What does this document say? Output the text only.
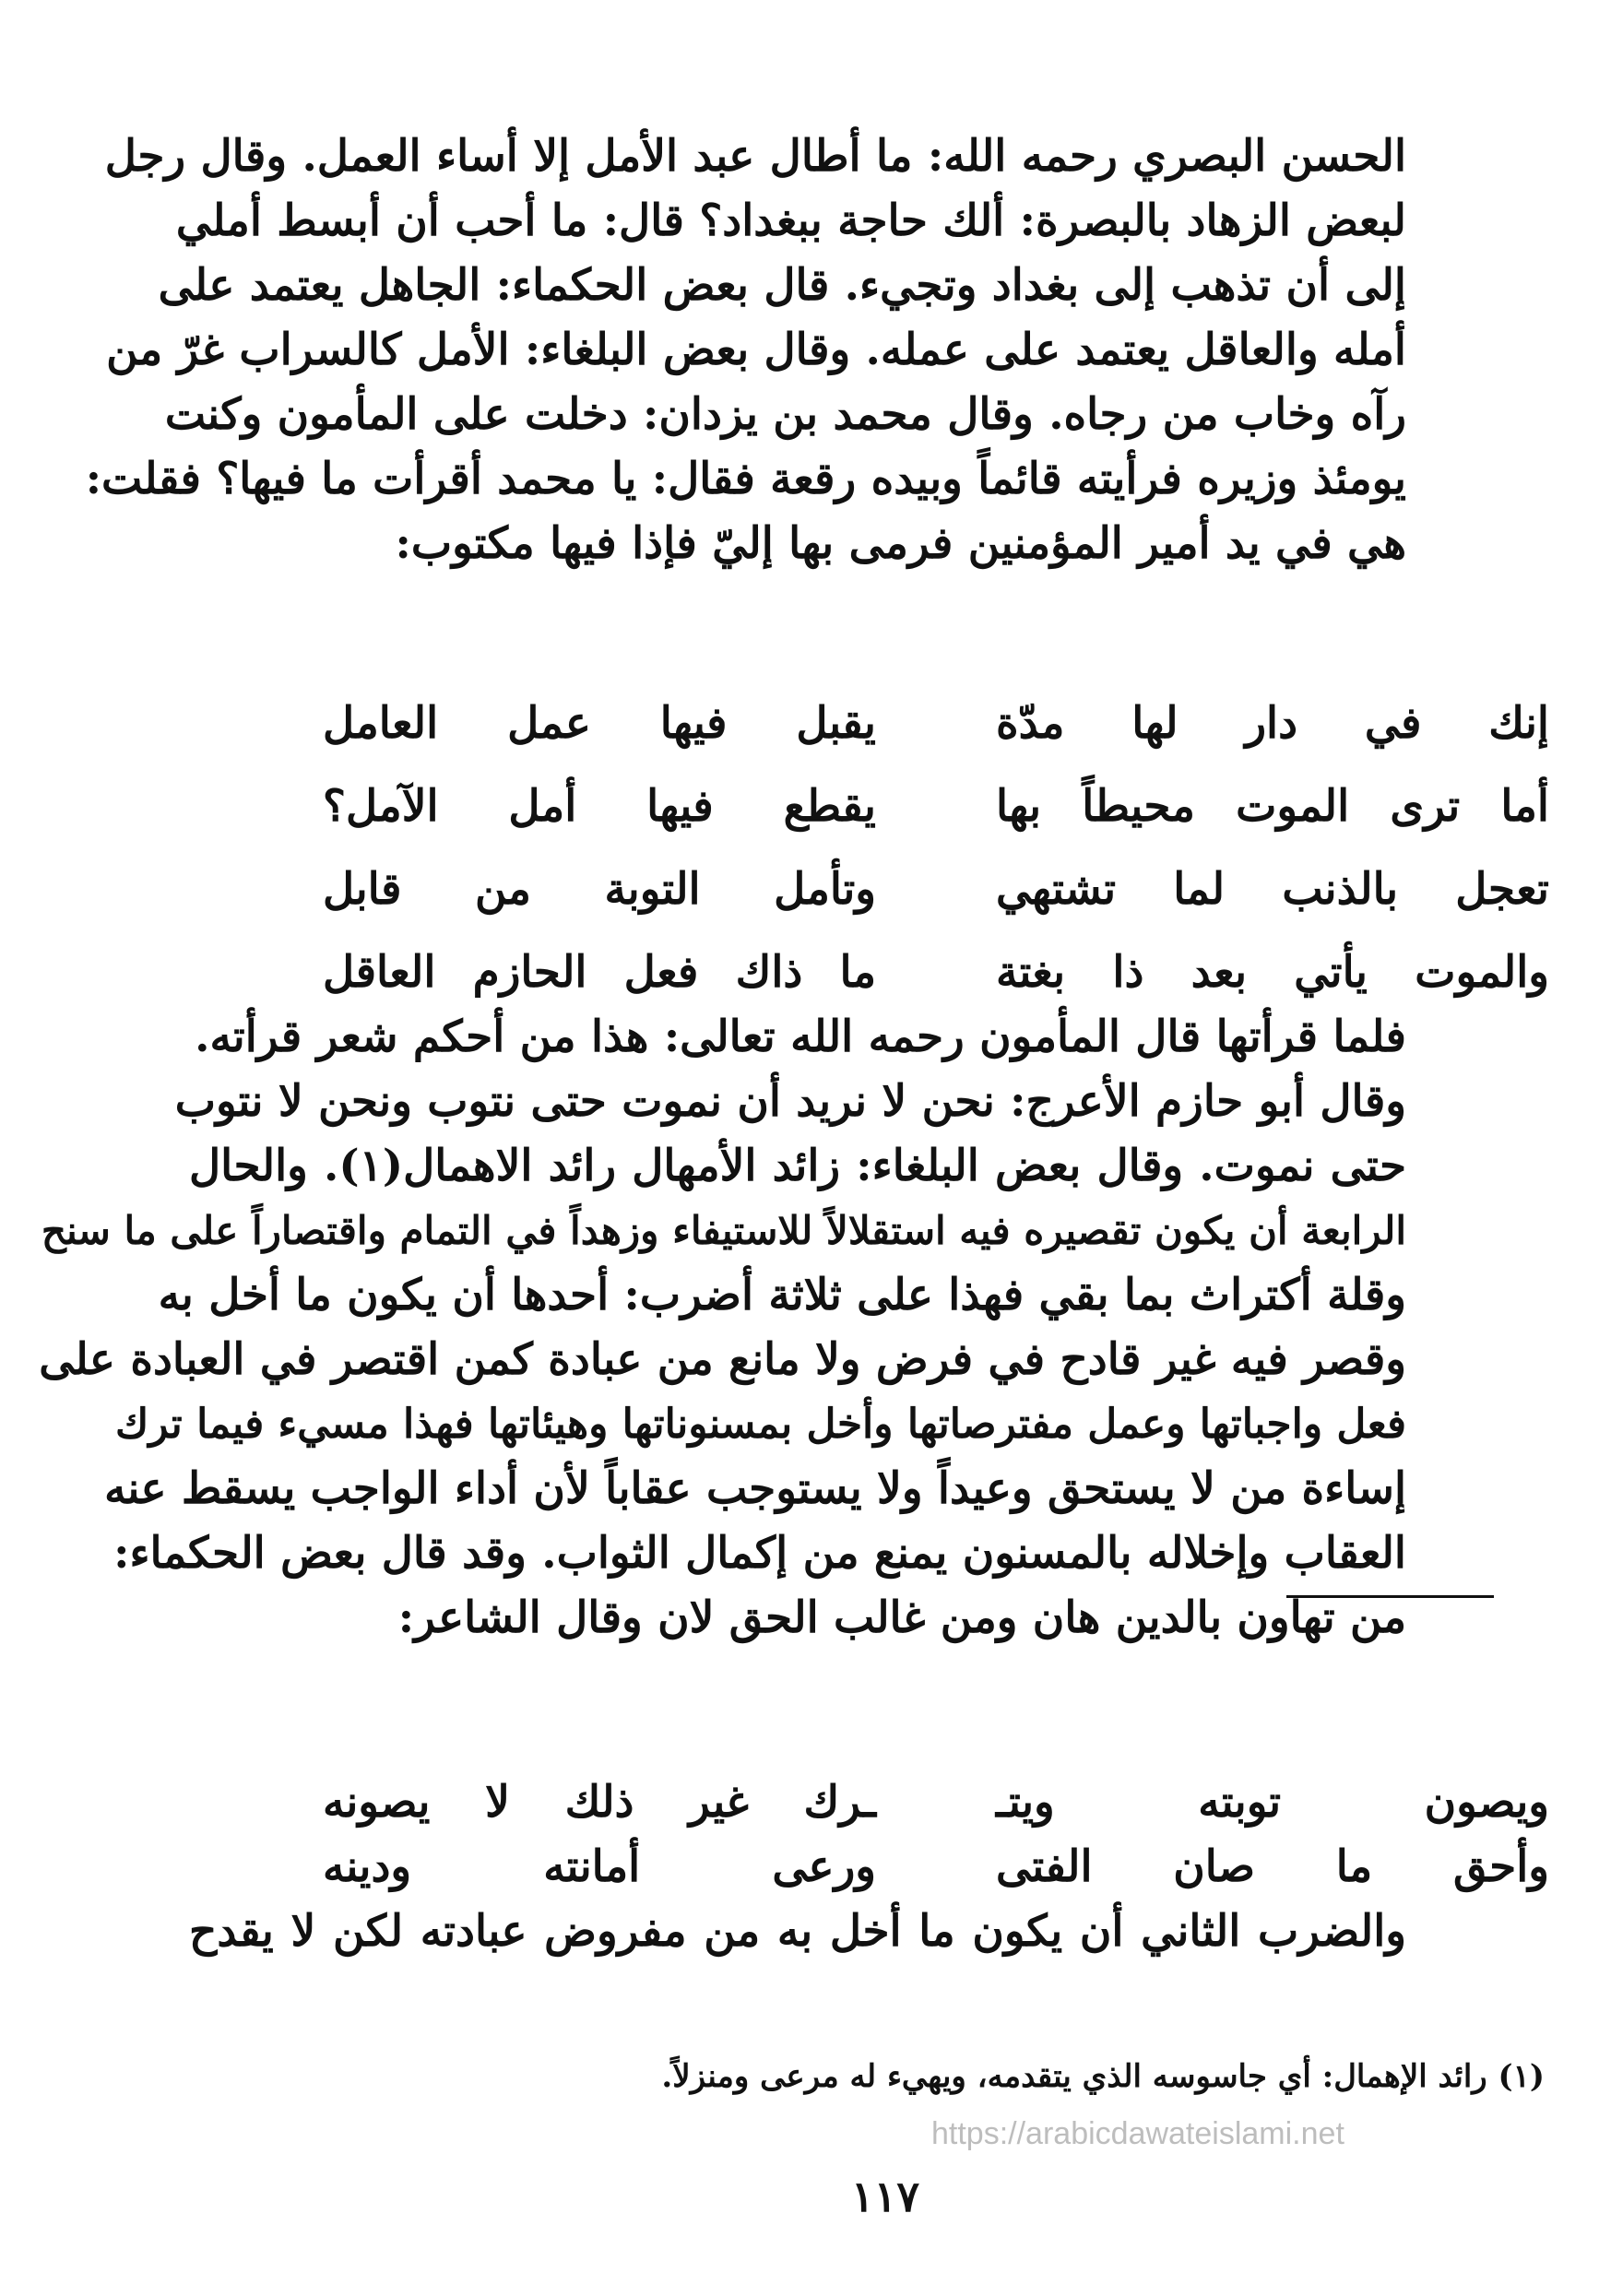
الحسن البصري رحمه الله: ما أطال عبد الأمل إلا أساء العمل. وقال رجل
لبعض الزهاد بالبصرة: ألك حاجة ببغداد؟ قال: ما أحب أن أبسط أملي
إلى أن تذهب إلى بغداد وتجيء. قال بعض الحكماء: الجاهل يعتمد على
أمله والعاقل يعتمد على عمله. وقال بعض البلغاء: الأمل كالسراب غرّ من
رآه وخاب من رجاه. وقال محمد بن يزدان: دخلت على المأمون وكنت
يومئذ وزيره فرأيته قائماً وبيده رقعة فقال: يا محمد أقرأت ما فيها؟ فقلت:
هي في يد أمير المؤمنين فرمى بها إليّ فإذا فيها مكتوب:
إنك في دار لها مدّة
يقبل فيها عمل العامل
أما ترى الموت محيطاً بها
يقطع فيها أمل الآمل؟
تعجل بالذنب لما تشتهي
وتأمل التوبة من قابل
والموت يأتي بعد ذا بغتة
ما ذاك فعل الحازم العاقل
فلما قرأتها قال المأمون رحمه الله تعالى: هذا من أحكم شعر قرأته.
وقال أبو حازم الأعرج: نحن لا نريد أن نموت حتى نتوب ونحن لا نتوب
حتى نموت. وقال بعض البلغاء: زائد الأمهال رائد الاهمال(١). والحال
الرابعة أن يكون تقصيره فيه استقلالاً للاستيفاء وزهداً في التمام واقتصاراً على ما سنح
وقلة أكتراث بما بقي فهذا على ثلاثة أضرب: أحدها أن يكون ما أخل به
وقصر فيه غير قادح في فرض ولا مانع من عبادة كمن اقتصر في العبادة على
فعل واجباتها وعمل مفترصاتها وأخل بمسنوناتها وهيئاتها فهذا مسيء فيما ترك
إساءة من لا يستحق وعيداً ولا يستوجب عقاباً لأن أداء الواجب يسقط عنه
العقاب وإخلاله بالمسنون يمنع من إكمال الثواب. وقد قال بعض الحكماء:
من تهاون بالدين هان ومن غالب الحق لان وقال الشاعر:
ويصون توبته ويتـ
ـرك غير ذلك لا يصونه
وأحق ما صان الفتى
ورعى أمانته ودينه
والضرب الثاني أن يكون ما أخل به من مفروض عبادته لكن لا يقدح
(١) رائد الإهمال: أي جاسوسه الذي يتقدمه، ويهيء له مرعى ومنزلاً.
https://arabicdawateislami.net
١١٧
